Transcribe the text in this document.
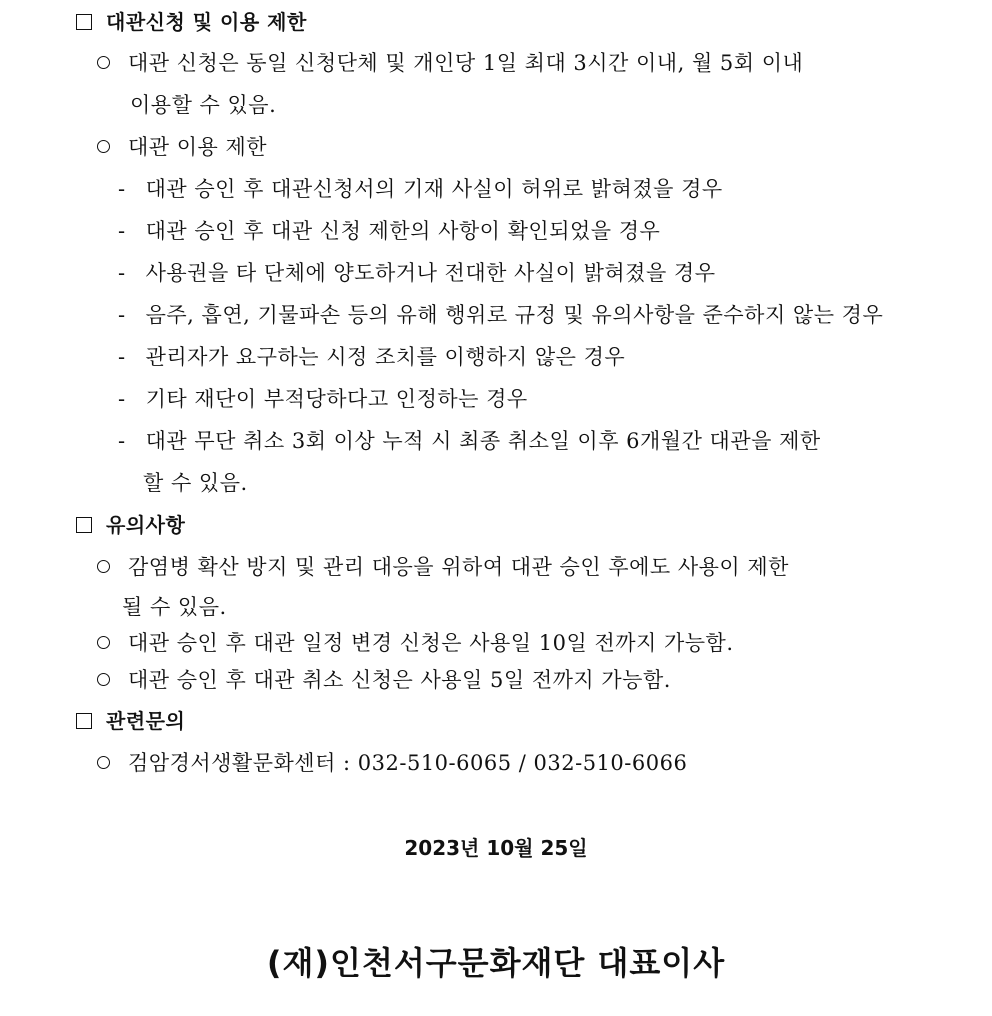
대관신청 및 이용 제한
대관 신청은 동일 신청단체 및 개인당 1일 최대 3시간 이내, 월 5회 이내
이용할 수 있음.
대관 이용 제한
- 대관 승인 후 대관신청서의 기재 사실이 허위로 밝혀졌을 경우
- 대관 승인 후 대관 신청 제한의 사항이 확인되었을 경우
- 사용권을 타 단체에 양도하거나 전대한 사실이 밝혀졌을 경우
- 음주, 흡연, 기물파손 등의 유해 행위로 규정 및 유의사항을 준수하지 않는 경우
- 관리자가 요구하는 시정 조치를 이행하지 않은 경우
- 기타 재단이 부적당하다고 인정하는 경우
- 대관 무단 취소 3회 이상 누적 시 최종 취소일 이후 6개월간 대관을 제한
할 수 있음.
유의사항
감염병 확산 방지 및 관리 대응을 위하여 대관 승인 후에도 사용이 제한
될 수 있음.
대관 승인 후 대관 일정 변경 신청은 사용일 10일 전까지 가능함.
대관 승인 후 대관 취소 신청은 사용일 5일 전까지 가능함.
관련문의
검암경서생활문화센터 : 032-510-6065 / 032-510-6066
2023년 10월 25일
(재)인천서구문화재단 대표이사
